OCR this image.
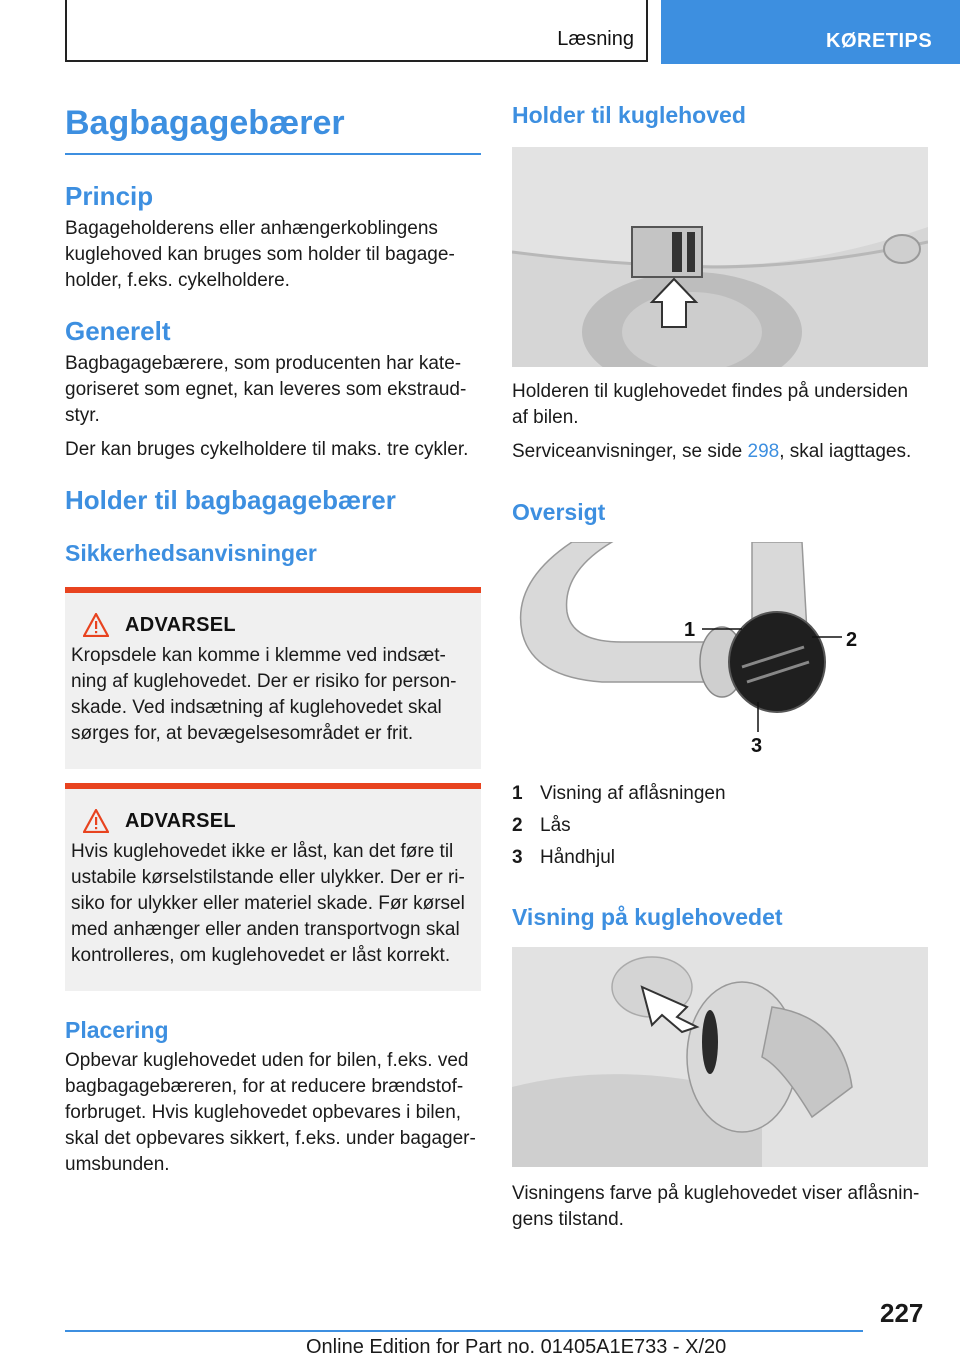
Læsning	KØRETIPS
Bagbagagebærer
Princip

Bagageholderens eller anhængerkoblingens kuglehoved kan bruges som holder til bagageholder, f.eks. cykelholdere.

Generelt

Bagbagagebærere, som producenten har kategoriseret som egnet, kan leveres som ekstraudstyr.

Der kan bruges cykelholdere til maks. tre cykler.

Holder til bagbagagebærer
Sikkerhedsanvisninger
ADVARSEL

Kropsdele kan komme i klemme ved indsætning af kuglehovedet. Der er risiko for personskade. Ved indsætning af kuglehovedet skal sørges for, at bevægelsesområdet er frit.

ADVARSEL

Hvis kuglehovedet ikke er låst, kan det føre til ustabile kørselstilstande eller ulykker. Der er risiko for ulykker eller materiel skade. Før kørsel med anhænger eller anden transportvogn skal kontrolleres, om kuglehovedet er låst korrekt.

Placering

Opbevar kuglehovedet uden for bilen, f.eks. ved bagbagagebæreren, for at reducere brændstofforbruget. Hvis kuglehovedet opbevares i bilen, skal det opbevares sikkert, f.eks. under bagagerumsbunden.

Holder til kuglehoved

Holderen til kuglehovedet findes på undersiden af bilen.

Serviceanvisninger, se side 298, skal iagttages.

Oversigt
1	2
3
1 Visning af aflåsningen
2 Lås
3 Håndhjul
Visning på kuglehovedet

Visningens farve på kuglehovedet viser aflåsningens tilstand.

227
Online Edition for Part no. 01405A1E733 - X/20
